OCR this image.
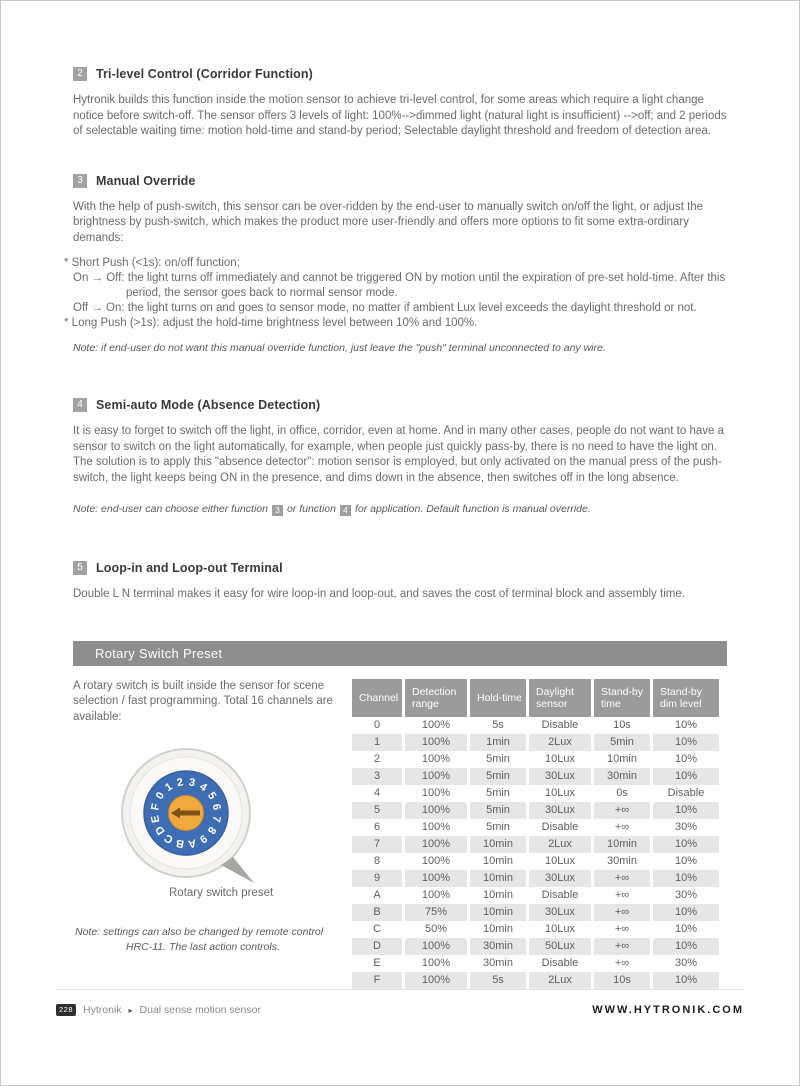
2	Tri-level Control (Corridor Function)

Hytronik builds this function inside the motion sensor to achieve tri-level control, for some areas which require a light change notice before switch-off. The sensor offers 3 levels of light: 100%-->dimmed light (natural light is insufficient) -->off; and 2 periods of selectable waiting time: motion hold-time and stand-by period; Selectable daylight threshold and freedom of detection area.

3	Manual Override

With the help of push-switch, this sensor can be over-ridden by the end-user to manually switch on/off the light, or adjust the brightness by push-switch, which makes the product more user-friendly and offers more options to fit some extra-ordinary demands:

* Short Push (<1s): on/off function;
On → Off: the light turns off immediately and cannot be triggered ON by motion until the expiration of pre-set hold-time. After this
period, the sensor goes back to normal sensor mode.
Off → On: the light turns on and goes to sensor mode, no matter if ambient Lux level exceeds the daylight threshold or not.
* Long Push (>1s): adjust the hold-time brightness level between 10% and 100%.

Note: if end-user do not want this manual override function, just leave the "push" terminal unconnected to any wire.

4	Semi-auto Mode (Absence Detection)

It is easy to forget to switch off the light, in office, corridor, even at home. And in many other cases, people do not want to have a sensor to switch on the light automatically, for example, when people just quickly pass-by, there is no need to have the light on. The solution is to apply this "absence detector": motion sensor is employed, but only activated on the manual press of the push-switch, the light keeps being ON in the presence, and dims down in the absence, then switches off in the long absence.

Note: end-user can choose either function 3 or function 4 for application. Default function is manual override.

5	Loop-in and Loop-out Terminal

Double L N terminal makes it easy for wire loop-in and loop-out, and saves the cost of terminal block and assembly time.

Rotary Switch Preset

A rotary switch is built inside the sensor for scene selection / fast programming. Total 16 channels are available:

0
1 2 3 4
5
6
7
8
9
A
B
C
D
E
F
Rotary switch preset
Note: settings can also be changed by remote control
HRC-11. The last action controls.
Channel	Detection range	Hold-time	Daylight sensor	Stand-by time	Stand-by dim level
0	100%	5s	Disable	10s	10%
1	100%	1min	2Lux	5min	10%
2	100%	5min	10Lux	10min	10%
3	100%	5min	30Lux	30min	10%
4	100%	5min	10Lux	0s	Disable
5	100%	5min	30Lux	+∞	10%
6	100%	5min	Disable	+∞	30%
7	100%	10min	2Lux	10min	10%
8	100%	10min	10Lux	30min	10%
9	100%	10min	30Lux	+∞	10%
A	100%	10min	Disable	+∞	30%
B	75%	10min	30Lux	+∞	10%
C	50%	10min	10Lux	+∞	10%
D	100%	30min	50Lux	+∞	10%
E	100%	30min	Disable	+∞	30%
F	100%	5s	2Lux	10s	10%
228 Hytronik ▸ Dual sense motion sensor	WWW.HYTRONIK.COM
